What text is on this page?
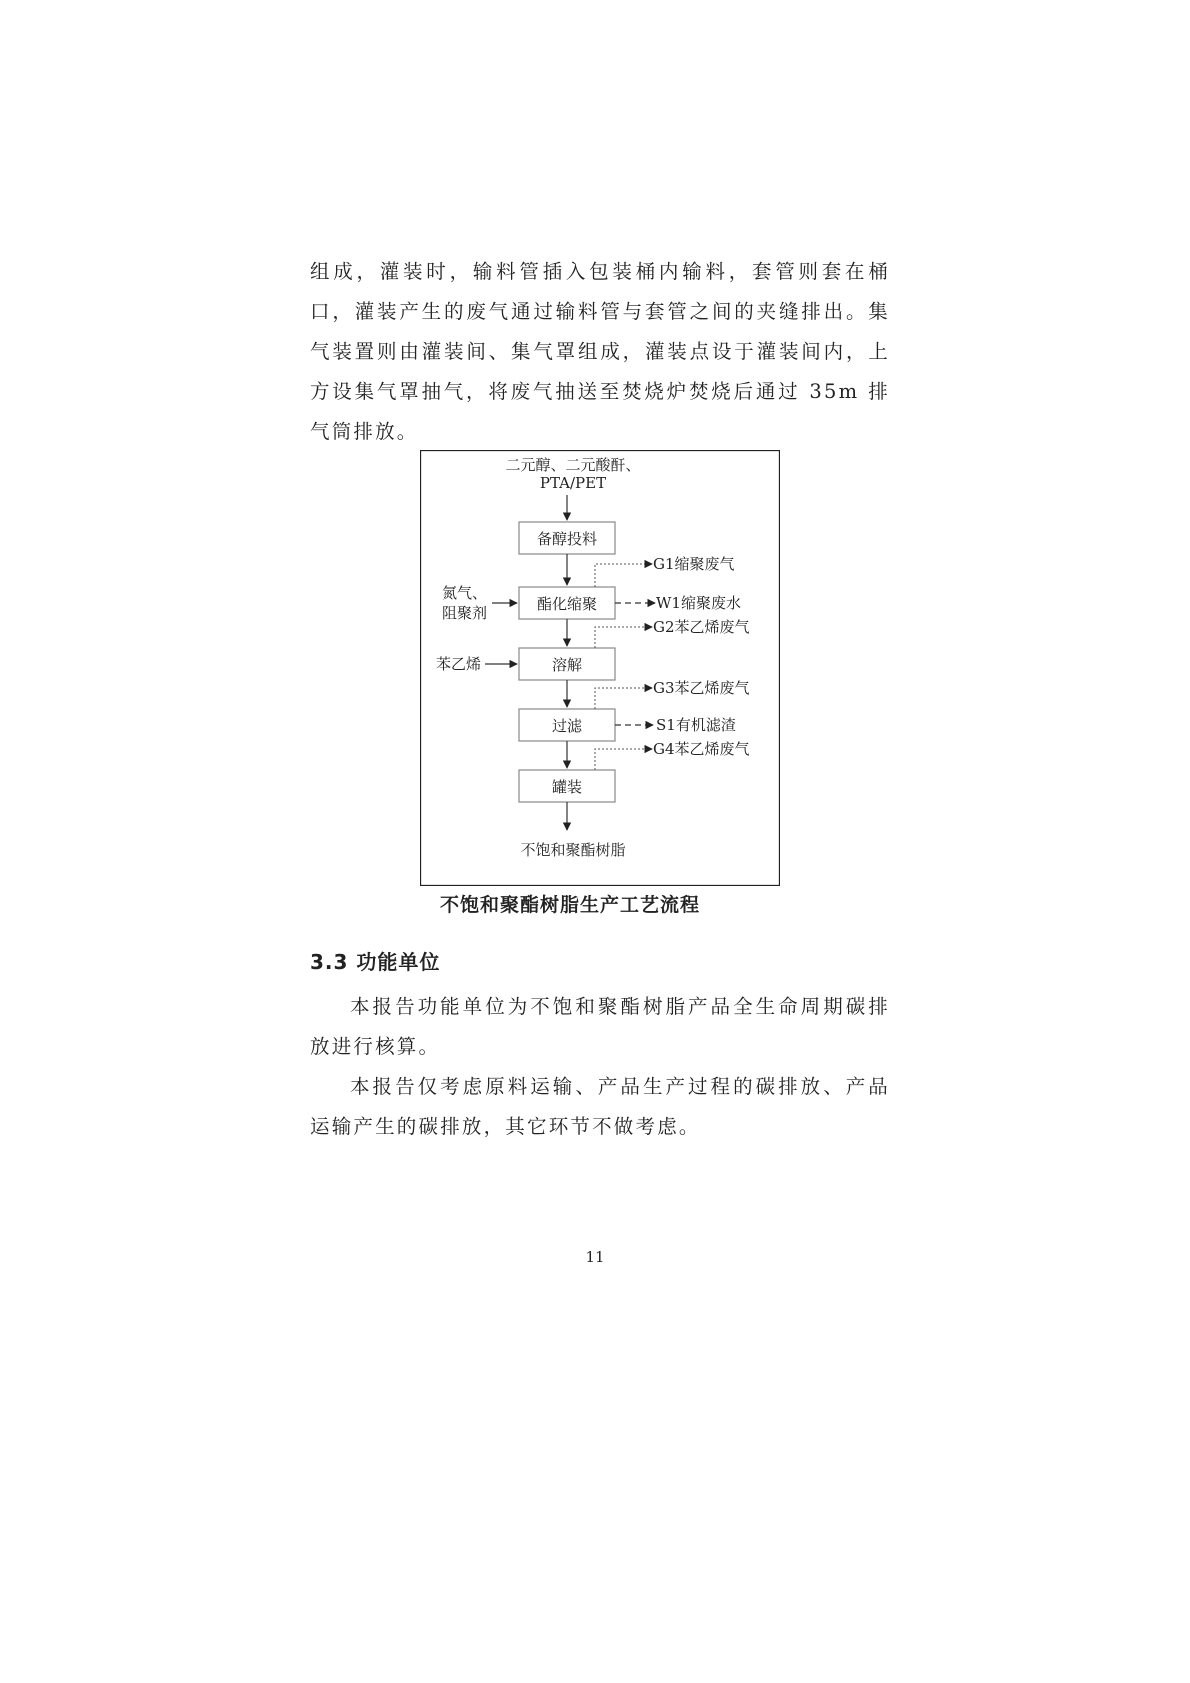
组成，灌装时，输料管插入包装桶内输料，套管则套在桶口，灌装产生的废气通过输料管与套管之间的夹缝排出。集气装置则由灌装间、集气罩组成，灌装点设于灌装间内，上方设集气罩抽气，将废气抽送至焚烧炉焚烧后通过 35m 排气筒排放。

二元醇、二元酸酐、
PTA/PET
备醇投料
酯化缩聚
氮气、
阻聚剂
G1缩聚废气
W1缩聚废水
溶解
苯乙烯
G2苯乙烯废气
过滤
G3苯乙烯废气
S1有机滤渣
罐装
G4苯乙烯废气
不饱和聚酯树脂

不饱和聚酯树脂生产工艺流程

3.3 功能单位

本报告功能单位为不饱和聚酯树脂产品全生命周期碳排放进行核算。

本报告仅考虑原料运输、产品生产过程的碳排放、产品运输产生的碳排放，其它环节不做考虑。

11
